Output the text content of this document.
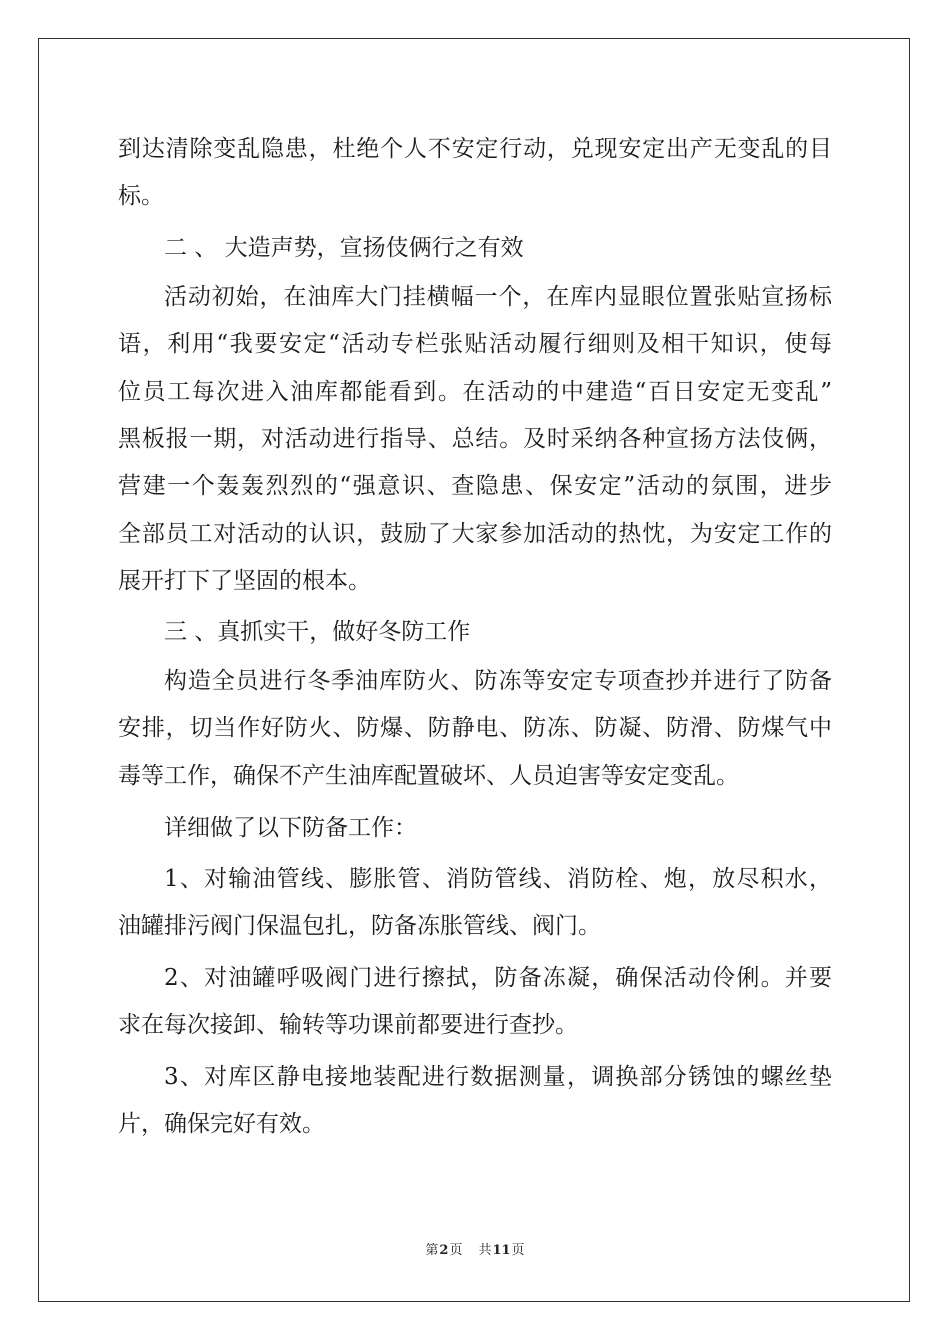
到达清除变乱隐患，杜绝个人不安定行动，兑现安定出产无变乱的目
标。
二 、 大造声势，宣扬伎俩行之有效
活动初始，在油库大门挂横幅一个，在库内显眼位置张贴宣扬标
语，利用“我要安定“活动专栏张贴活动履行细则及相干知识，使每
位员工每次进入油库都能看到。在活动的中建造“百日安定无变乱”
黑板报一期，对活动进行指导、总结。及时采纳各种宣扬方法伎俩，
营建一个轰轰烈烈的“强意识、查隐患、保安定”活动的氛围，进步
全部员工对活动的认识，鼓励了大家参加活动的热忱，为安定工作的
展开打下了坚固的根本。
三 、真抓实干，做好冬防工作
构造全员进行冬季油库防火、防冻等安定专项查抄并进行了防备
安排，切当作好防火、防爆、防静电、防冻、防凝、防滑、防煤气中
毒等工作，确保不产生油库配置破坏、人员迫害等安定变乱。
详细做了以下防备工作：
1、对输油管线、膨胀管、消防管线、消防栓、炮，放尽积水，
油罐排污阀门保温包扎，防备冻胀管线、阀门。
2、对油罐呼吸阀门进行擦拭，防备冻凝，确保活动伶俐。并要
求在每次接卸、输转等功课前都要进行查抄。
3、对库区静电接地装配进行数据测量，调换部分锈蚀的螺丝垫
片，确保完好有效。
第2页 共11页
